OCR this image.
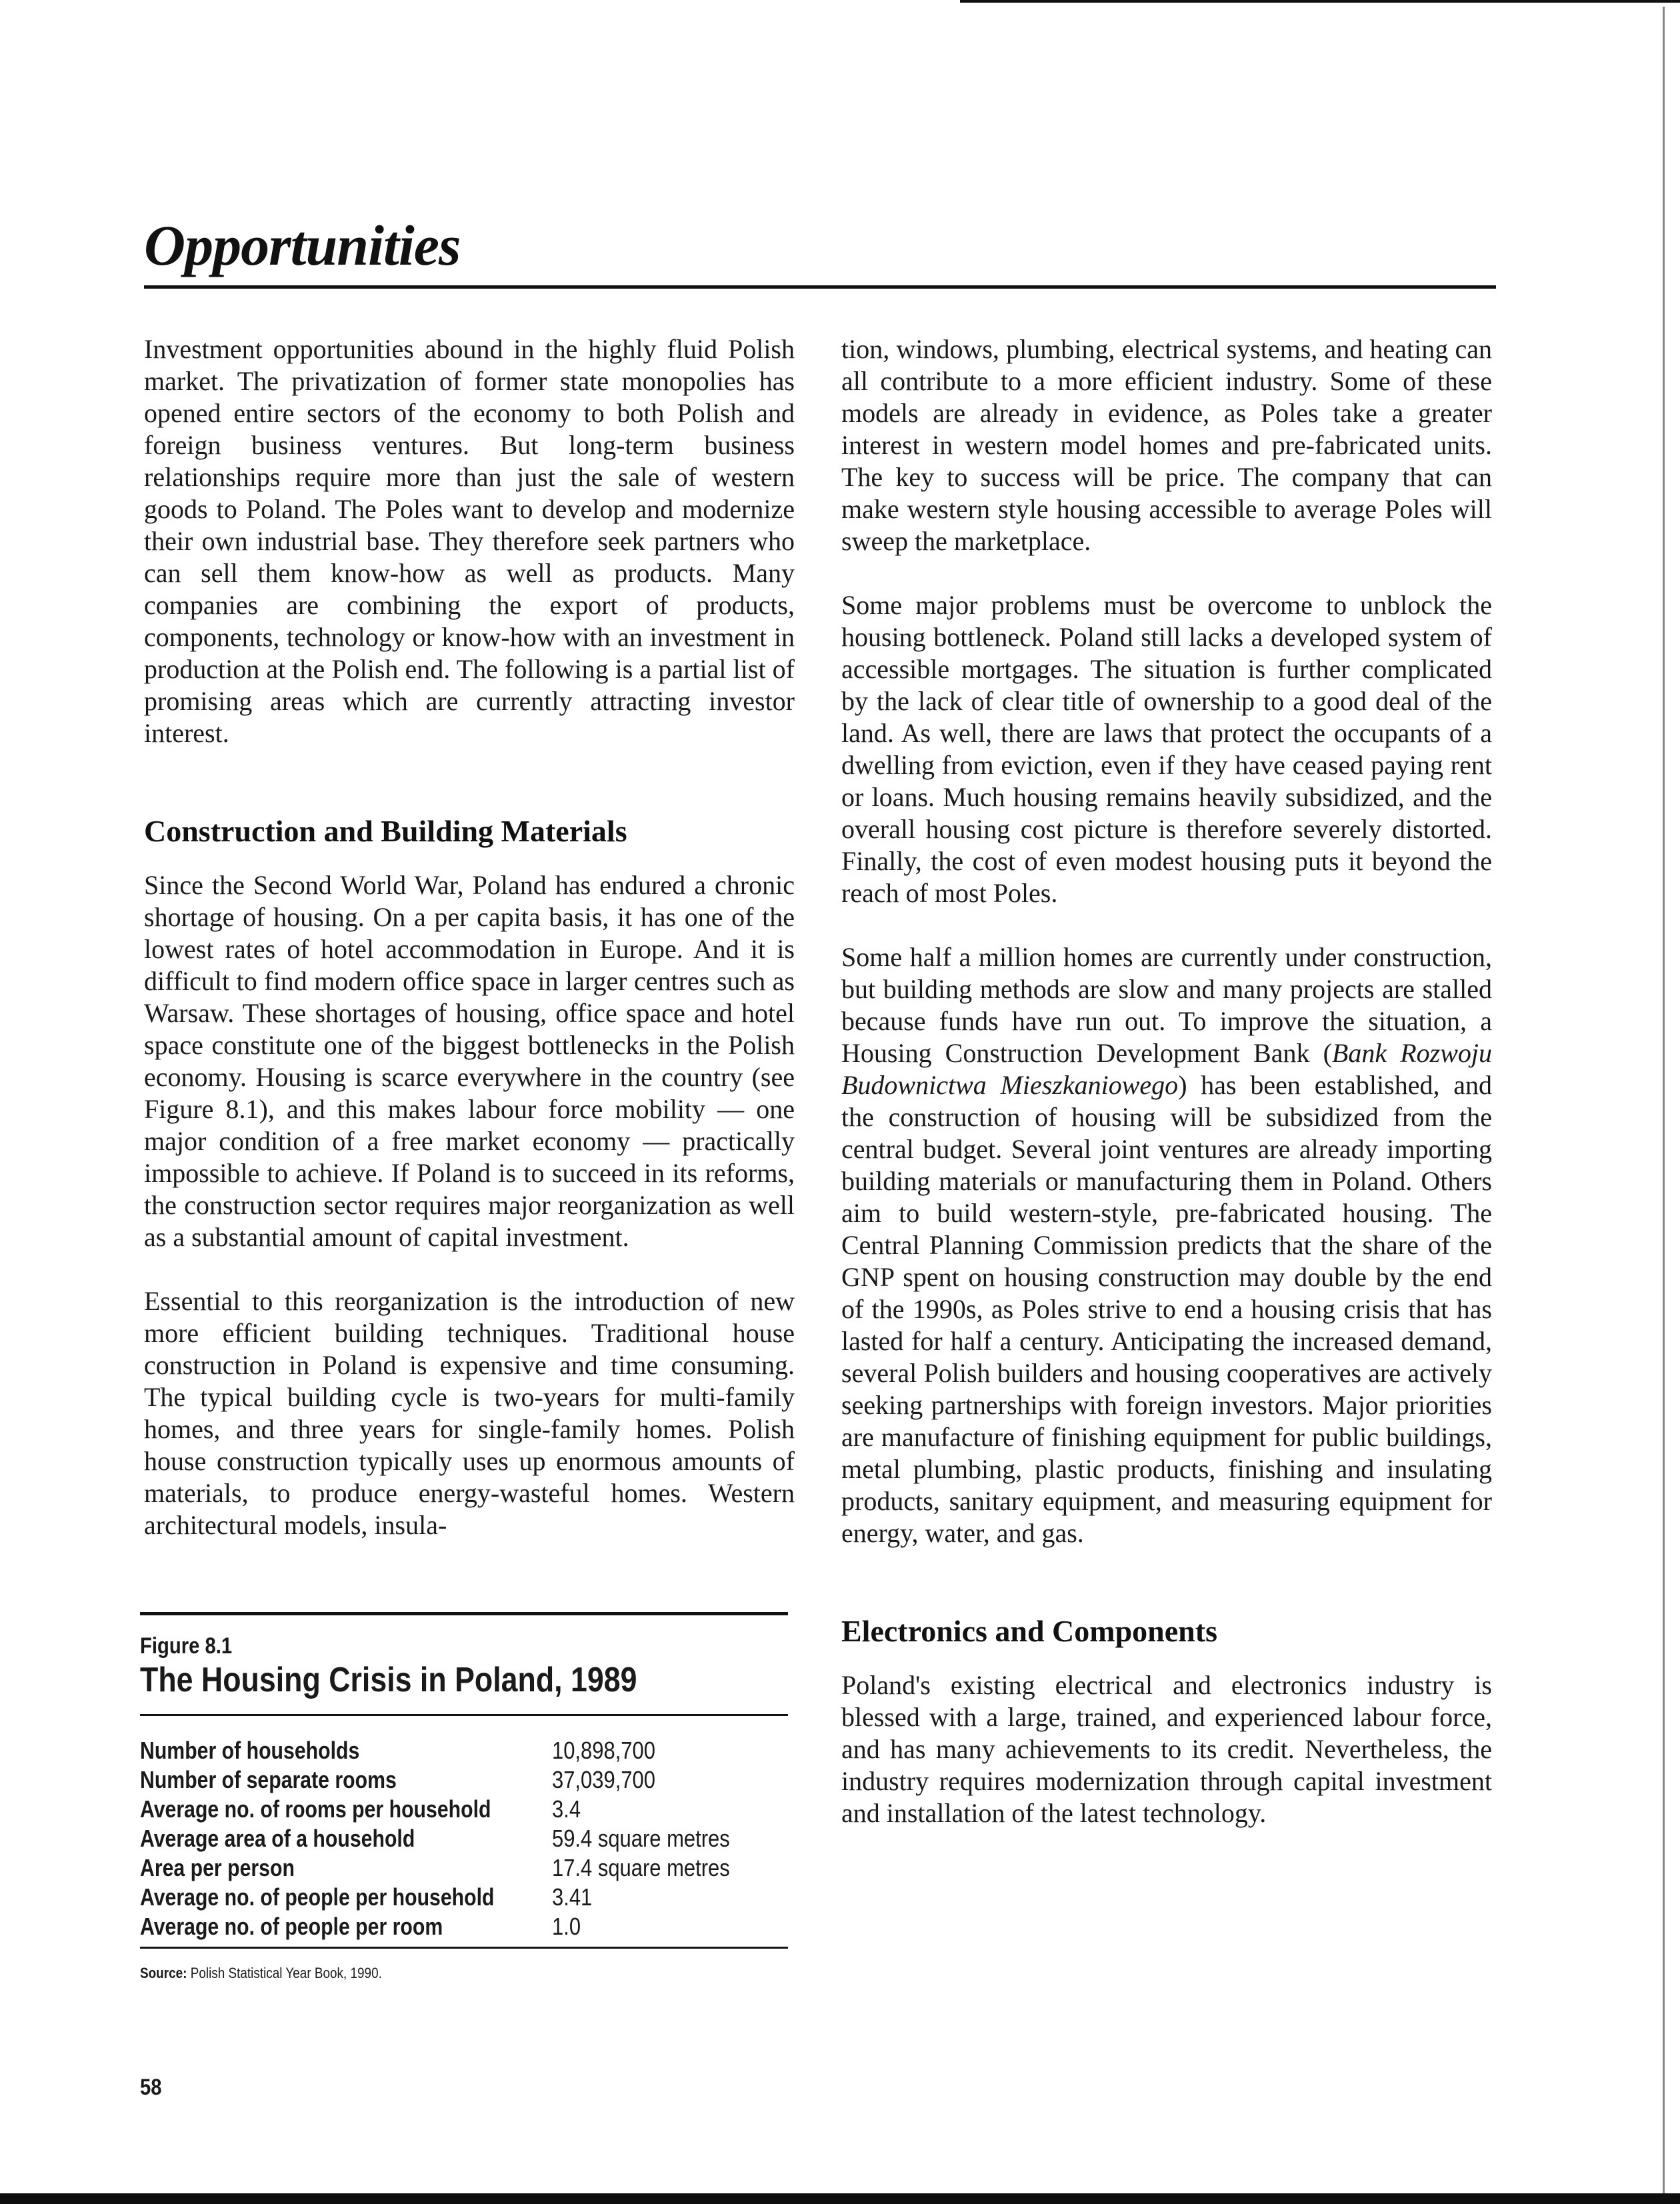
Opportunities

Investment opportunities abound in the highly fluid Polish market. The privatization of former state monopolies has opened entire sectors of the economy to both Polish and foreign business ventures. But long-term business relationships require more than just the sale of western goods to Poland. The Poles want to develop and modernize their own industrial base. They therefore seek partners who can sell them know-how as well as products. Many companies are combining the export of products, components, technology or know-how with an investment in production at the Polish end. The following is a partial list of promising areas which are currently attracting investor interest.

Construction and Building Materials

Since the Second World War, Poland has endured a chronic shortage of housing. On a per capita basis, it has one of the lowest rates of hotel accommodation in Europe. And it is difficult to find modern office space in larger centres such as Warsaw. These shortages of housing, office space and hotel space constitute one of the biggest bottlenecks in the Polish economy. Housing is scarce everywhere in the country (see Figure 8.1), and this makes labour force mobility — one major condition of a free market economy — practically impossible to achieve. If Poland is to succeed in its reforms, the construction sector requires major reorganization as well as a substantial amount of capital investment.

Essential to this reorganization is the introduction of new more efficient building techniques. Traditional house construction in Poland is expensive and time consuming. The typical building cycle is two-years for multi-family homes, and three years for single-family homes. Polish house construction typically uses up enormous amounts of materials, to produce energy-wasteful homes. Western architectural models, insula-

tion, windows, plumbing, electrical systems, and heating can all contribute to a more efficient industry. Some of these models are already in evidence, as Poles take a greater interest in western model homes and pre-fabricated units. The key to success will be price. The company that can make western style housing accessible to average Poles will sweep the marketplace.

Some major problems must be overcome to unblock the housing bottleneck. Poland still lacks a developed system of accessible mortgages. The situation is further complicated by the lack of clear title of ownership to a good deal of the land. As well, there are laws that protect the occupants of a dwelling from eviction, even if they have ceased paying rent or loans. Much housing remains heavily subsidized, and the overall housing cost picture is therefore severely distorted. Finally, the cost of even modest housing puts it beyond the reach of most Poles.

Some half a million homes are currently under construction, but building methods are slow and many projects are stalled because funds have run out. To improve the situation, a Housing Construction Development Bank (Bank Rozwoju Budownictwa Mieszkaniowego) has been established, and the construction of housing will be subsidized from the central budget. Several joint ventures are already importing building materials or manufacturing them in Poland. Others aim to build western-style, pre-fabricated housing. The Central Planning Commission predicts that the share of the GNP spent on housing construction may double by the end of the 1990s, as Poles strive to end a housing crisis that has lasted for half a century. Anticipating the increased demand, several Polish builders and housing cooperatives are actively seeking partnerships with foreign investors. Major priorities are manufacture of finishing equipment for public buildings, metal plumbing, plastic products, finishing and insulating products, sanitary equipment, and measuring equipment for energy, water, and gas.

Electronics and Components

Poland's existing electrical and electronics industry is blessed with a large, trained, and experienced labour force, and has many achievements to its credit. Nevertheless, the industry requires modernization through capital investment and installation of the latest technology.

Figure 8.1
The Housing Crisis in Poland, 1989
Number of households	10,898,700
Number of separate rooms	37,039,700
Average no. of rooms per household	3.4
Average area of a household	59.4 square metres
Area per person	17.4 square metres
Average no. of people per household 3.41
Average no. of people per room	1.0
Source: Polish Statistical Year Book, 1990.
58
